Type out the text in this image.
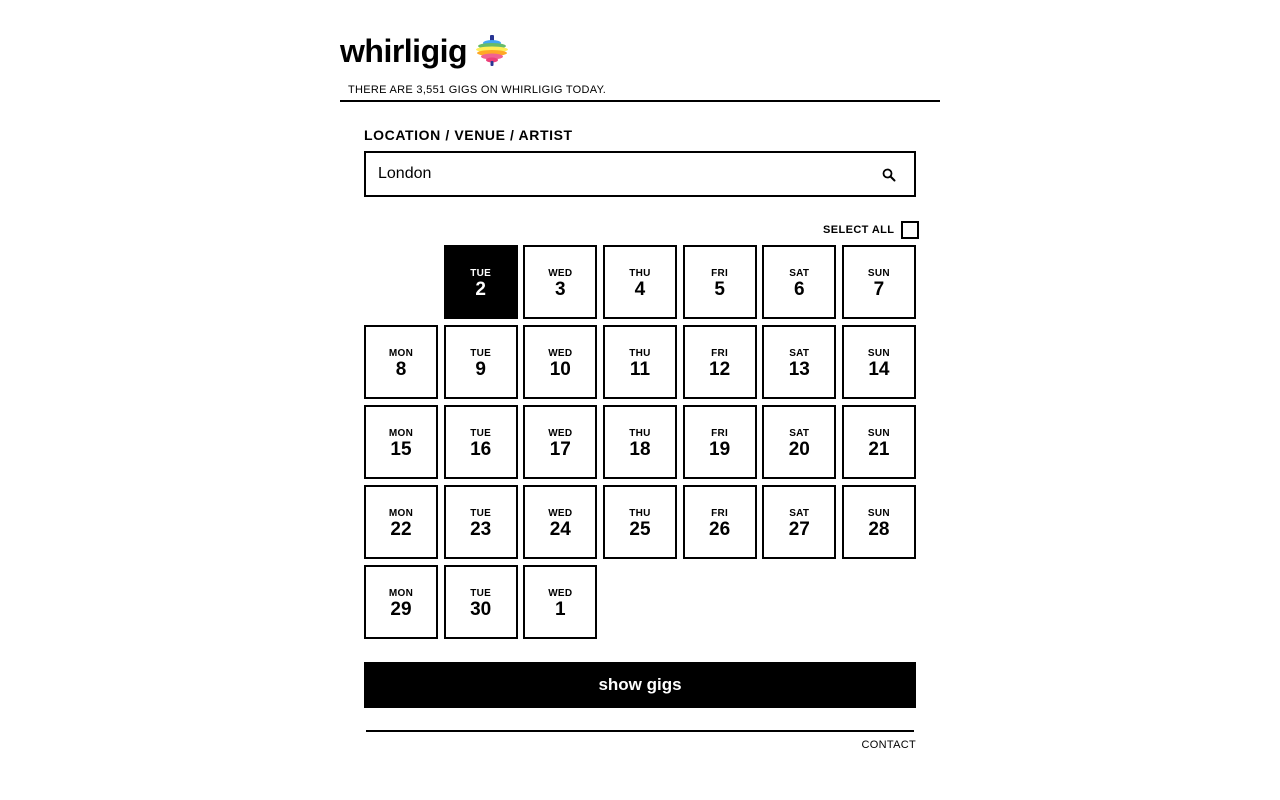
whirligig
THERE ARE 3,551 GIGS ON WHIRLIGIG TODAY.
LOCATION / VENUE / ARTIST
London
SELECT ALL
TUE
2
WED
3
THU
4
FRI
5
SAT
6
SUN
7
MON
8
TUE
9
WED
10
THU
11
FRI
12
SAT
13
SUN
14
MON
15
TUE
16
WED
17
THU
18
FRI
19
SAT
20
SUN
21
MON
22
TUE
23
WED
24
THU
25
FRI
26
SAT
27
SUN
28
MON
29
TUE
30
WED
1
show gigs
CONTACT
